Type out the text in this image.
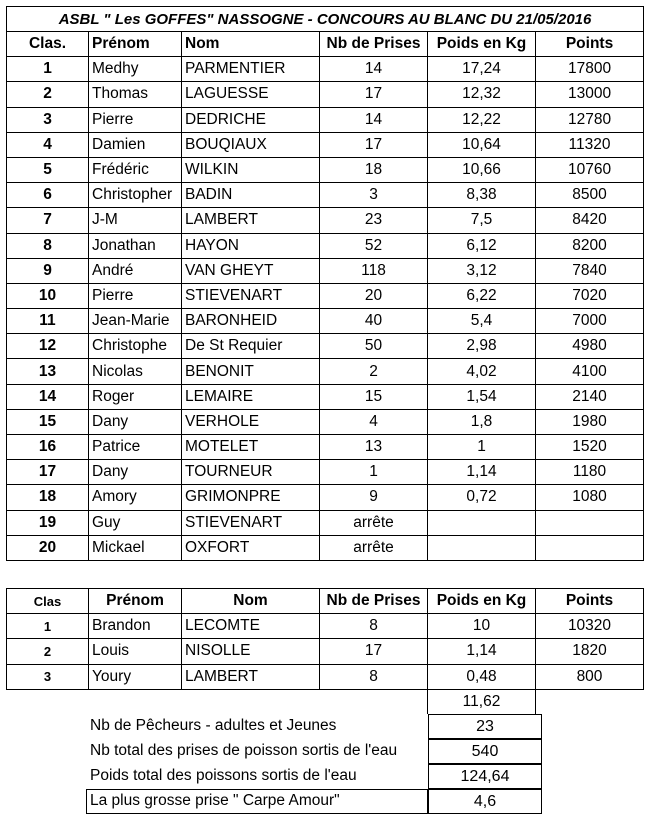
ASBL " Les GOFFES" NASSOGNE - CONCOURS AU BLANC DU 21/05/2016					
Clas.	Prénom	Nom	Nb de Prises	Poids en Kg	Points
1	Medhy	PARMENTIER	14	17,24	17800
2	Thomas	LAGUESSE	17	12,32	13000
3	Pierre	DEDRICHE	14	12,22	12780
4	Damien	BOUQIAUX	17	10,64	11320
5	Frédéric	WILKIN	18	10,66	10760
6	Christopher	BADIN	3	8,38	8500
7	J-M	LAMBERT	23	7,5	8420
8	Jonathan	HAYON	52	6,12	8200
9	André	VAN GHEYT	118	3,12	7840
10	Pierre	STIEVENART	20	6,22	7020
11	Jean-Marie	BARONHEID	40	5,4	7000
12	Christophe	De St Requier	50	2,98	4980
13	Nicolas	BENONIT	2	4,02	4100
14	Roger	LEMAIRE	15	1,54	2140
15	Dany	VERHOLE	4	1,8	1980
16	Patrice	MOTELET	13	1	1520
17	Dany	TOURNEUR	1	1,14	1180
18	Amory	GRIMONPRE	9	0,72	1080
19	Guy	STIEVENART	arrête		
20	Mickael	OXFORT	arrête		
Clas	Prénom	Nom	Nb de Prises	Poids en Kg	Points
1	Brandon	LECOMTE	8	10	10320
2	Louis	NISOLLE	17	1,14	1820
3	Youry	LAMBERT	8	0,48	800
				11,62	
Nb de Pêcheurs - adultes et Jeunes	23
Nb total des prises de poisson sortis de l'eau	540
Poids total des poissons sortis de l'eau	124,64
La plus grosse prise " Carpe Amour"	4,6
